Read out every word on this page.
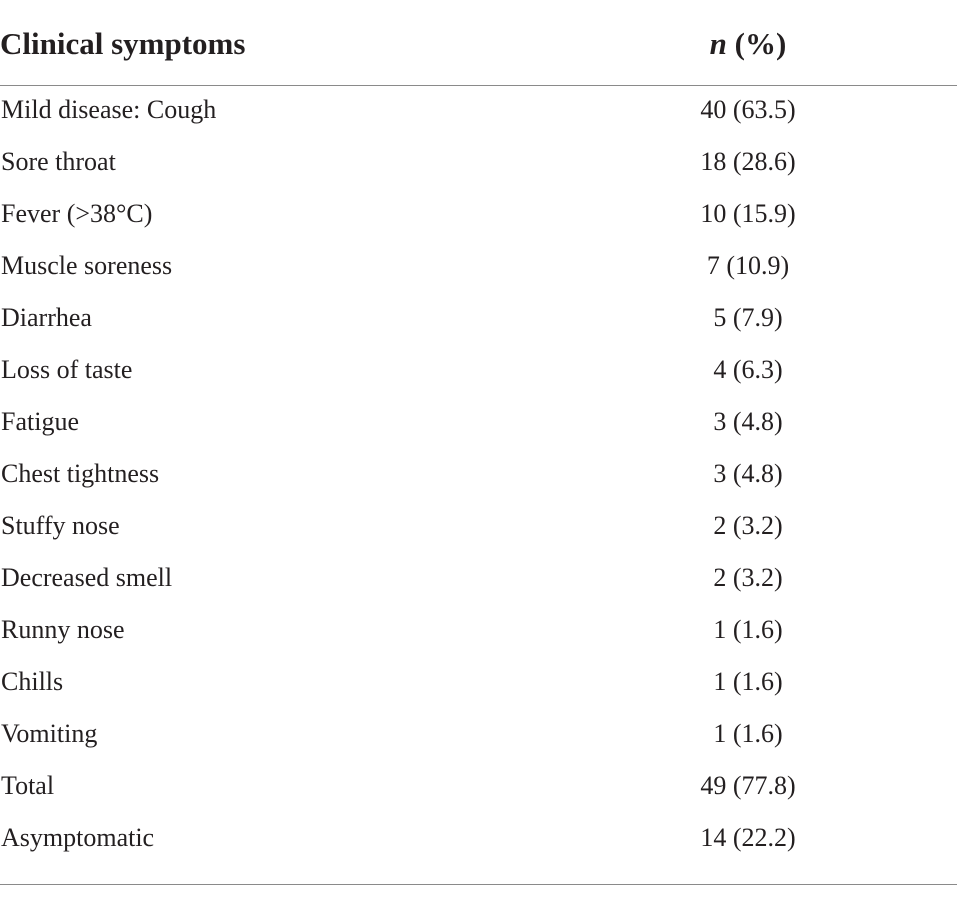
Clinical symptoms	n (%)
Mild disease: Cough	40 (63.5)
Sore throat	18 (28.6)
Fever (>38°C)	10 (15.9)
Muscle soreness	7 (10.9)
Diarrhea	5 (7.9)
Loss of taste	4 (6.3)
Fatigue	3 (4.8)
Chest tightness	3 (4.8)
Stuffy nose	2 (3.2)
Decreased smell	2 (3.2)
Runny nose	1 (1.6)
Chills	1 (1.6)
Vomiting	1 (1.6)
Total	49 (77.8)
Asymptomatic	14 (22.2)
